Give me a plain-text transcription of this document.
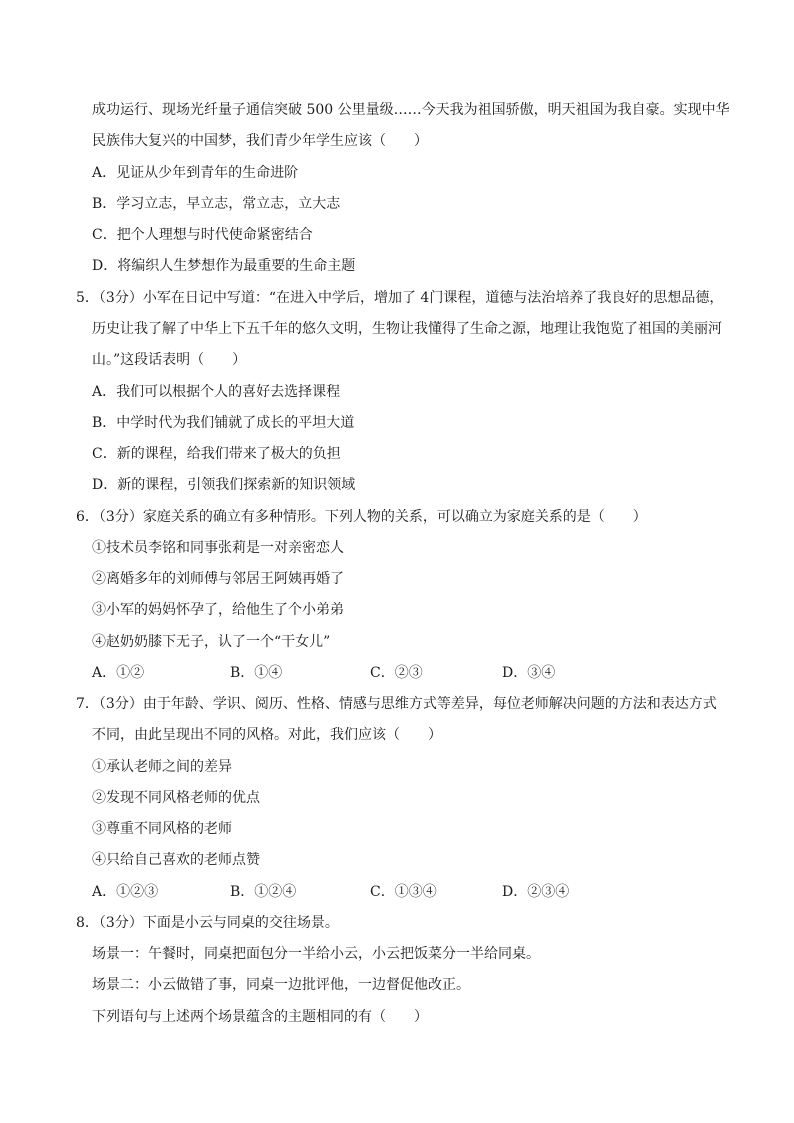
成功运行、现场光纤量子通信突破 500 公里量级……今天我为祖国骄傲，明天祖国为我自豪。实现中华
民族伟大复兴的中国梦，我们青少年学生应该（　　）
A．见证从少年到青年的生命进阶
B．学习立志，早立志，常立志，立大志
C．把个人理想与时代使命紧密结合
D．将编织人生梦想作为最重要的生命主题
5．（3分）小军在日记中写道：“在进入中学后，增加了 4门课程，道德与法治培养了我良好的思想品德，
历史让我了解了中华上下五千年的悠久文明，生物让我懂得了生命之源，地理让我饱览了祖国的美丽河
山。”这段话表明（　　）
A．我们可以根据个人的喜好去选择课程
B．中学时代为我们铺就了成长的平坦大道
C．新的课程，给我们带来了极大的负担
D．新的课程，引领我们探索新的知识领域
6．（3分）家庭关系的确立有多种情形。下列人物的关系，可以确立为家庭关系的是（　　）
①技术员李铭和同事张莉是一对亲密恋人
②离婚多年的刘师傅与邻居王阿姨再婚了
③小军的妈妈怀孕了，给他生了个小弟弟
④赵奶奶膝下无子，认了一个“干女儿”
A．①②	B．①④	C．②③	D．③④
7．（3分）由于年龄、学识、阅历、性格、情感与思维方式等差异，每位老师解决问题的方法和表达方式
不同，由此呈现出不同的风格。对此，我们应该（　　）
①承认老师之间的差异
②发现不同风格老师的优点
③尊重不同风格的老师
④只给自己喜欢的老师点赞
A．①②③	B．①②④	C．①③④	D．②③④
8．（3分）下面是小云与同桌的交往场景。
场景一：午餐时，同桌把面包分一半给小云，小云把饭菜分一半给同桌。
场景二：小云做错了事，同桌一边批评他，一边督促他改正。
下列语句与上述两个场景蕴含的主题相同的有（　　）
